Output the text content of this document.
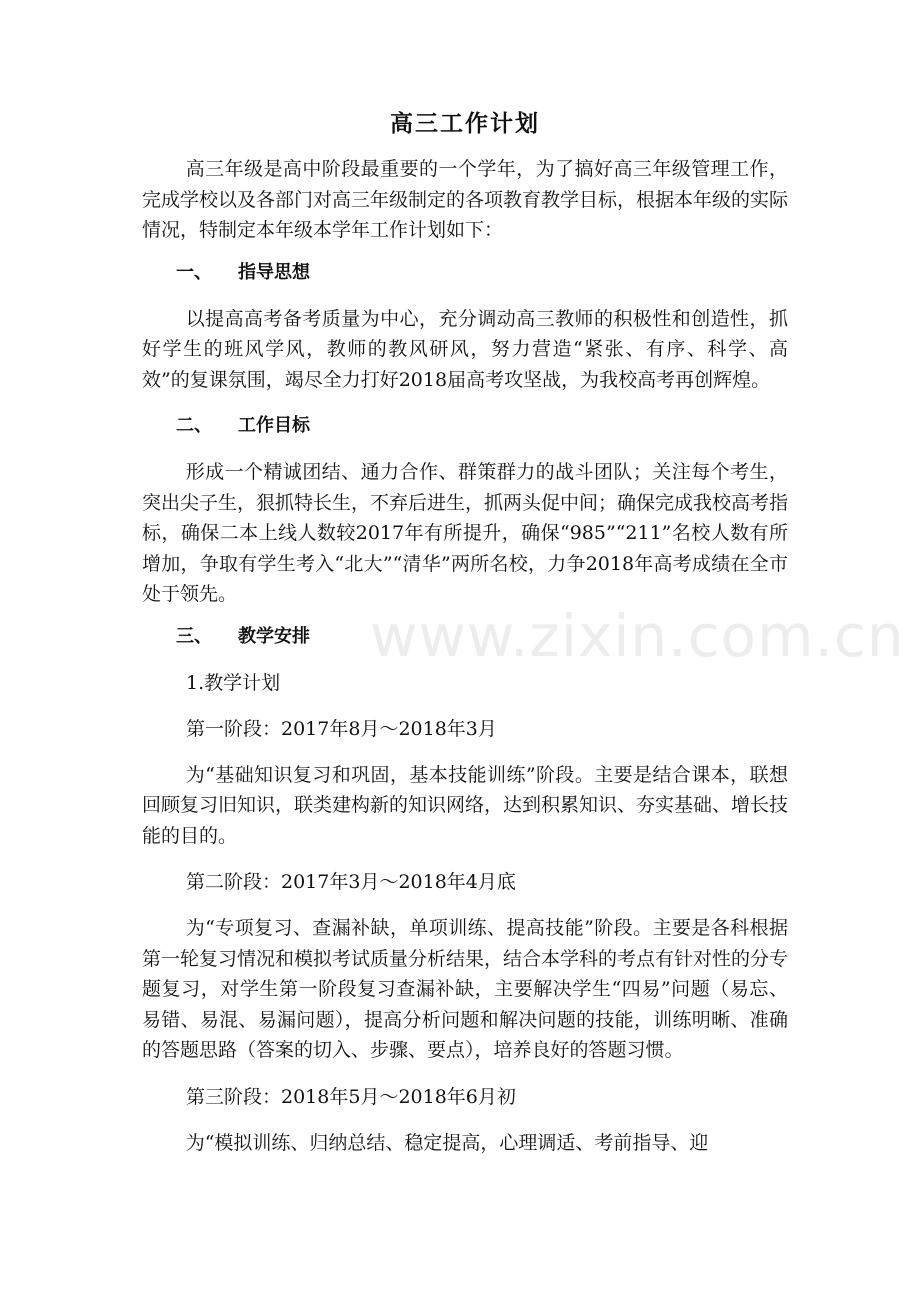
高三工作计划

高三年级是高中阶段最重要的一个学年，为了搞好高三年级管理工作，完成学校以及各部门对高三年级制定的各项教育教学目标，根据本年级的实际情况，特制定本年级本学年工作计划如下：

一、 指导思想

以提高高考备考质量为中心，充分调动高三教师的积极性和创造性，抓好学生的班风学风，教师的教风研风，努力营造“紧张、有序、科学、高效”的复课氛围，竭尽全力打好2018届高考攻坚战，为我校高考再创辉煌。

二、 工作目标

形成一个精诚团结、通力合作、群策群力的战斗团队；关注每个考生，突出尖子生，狠抓特长生，不弃后进生，抓两头促中间；确保完成我校高考指标，确保二本上线人数较2017年有所提升，确保“985”“211”名校人数有所增加，争取有学生考入“北大”“清华”两所名校，力争2018年高考成绩在全市处于领先。

三、 教学安排
1.教学计划
第一阶段：2017年8月～2018年3月

为“基础知识复习和巩固，基本技能训练”阶段。主要是结合课本，联想回顾复习旧知识，联类建构新的知识网络，达到积累知识、夯实基础、增长技能的目的。

第二阶段：2017年3月～2018年4月底

为“专项复习、查漏补缺，单项训练、提高技能”阶段。主要是各科根据第一轮复习情况和模拟考试质量分析结果，结合本学科的考点有针对性的分专题复习，对学生第一阶段复习查漏补缺，主要解决学生“四易”问题（易忘、易错、易混、易漏问题），提高分析问题和解决问题的技能，训练明晰、准确的答题思路（答案的切入、步骤、要点），培养良好的答题习惯。

第三阶段：2018年5月～2018年6月初

为“模拟训练、归纳总结、稳定提高，心理调适、考前指导、迎

www.zixin.com.cn
